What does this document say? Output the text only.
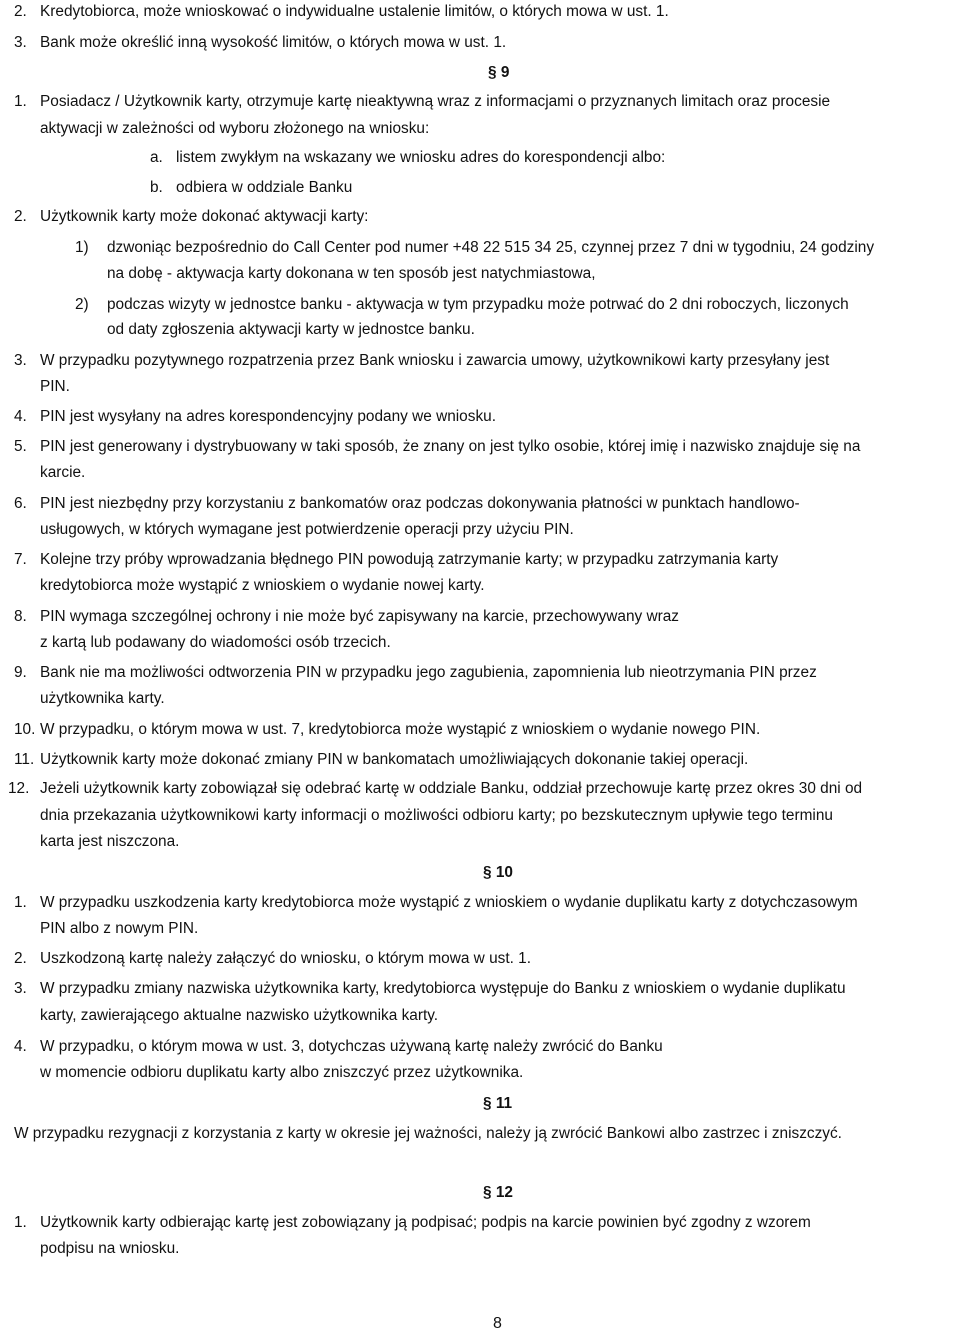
2. Kredytobiorca, może wnioskować o indywidualne ustalenie limitów, o których mowa w ust. 1.
3. Bank może określić inną wysokość limitów, o których mowa w ust. 1.
§ 9
1. Posiadacz / Użytkownik karty, otrzymuje kartę nieaktywną wraz z informacjami o przyznanych limitach oraz procesie
aktywacji w zależności od wyboru złożonego na wniosku:
a. listem zwykłym na wskazany we wniosku adres do korespondencji albo:
b. odbiera w oddziale Banku
2. Użytkownik karty może dokonać aktywacji karty:
1) dzwoniąc bezpośrednio do Call Center pod numer +48 22 515 34 25, czynnej przez 7 dni w tygodniu, 24 godziny
na dobę - aktywacja karty dokonana w ten sposób jest natychmiastowa,
2) podczas wizyty w jednostce banku - aktywacja w tym przypadku może potrwać do 2 dni roboczych, liczonych
od daty zgłoszenia aktywacji karty w jednostce banku.
3. W przypadku pozytywnego rozpatrzenia przez Bank wniosku i zawarcia umowy, użytkownikowi karty przesyłany jest
PIN.
4. PIN jest wysyłany na adres korespondencyjny podany we wniosku.
5. PIN jest generowany i dystrybuowany w taki sposób, że znany on jest tylko osobie, której imię i nazwisko znajduje się na
karcie.
6. PIN jest niezbędny przy korzystaniu z bankomatów oraz podczas dokonywania płatności w punktach handlowo-
usługowych, w których wymagane jest potwierdzenie operacji przy użyciu PIN.
7. Kolejne trzy próby wprowadzania błędnego PIN powodują zatrzymanie karty; w przypadku zatrzymania karty
kredytobiorca może wystąpić z wnioskiem o wydanie nowej karty.
8. PIN wymaga szczególnej ochrony i nie może być zapisywany na karcie, przechowywany wraz
z kartą lub podawany do wiadomości osób trzecich.
9. Bank nie ma możliwości odtworzenia PIN w przypadku jego zagubienia, zapomnienia lub nieotrzymania PIN przez
użytkownika karty.
10. W przypadku, o którym mowa w ust. 7, kredytobiorca może wystąpić z wnioskiem o wydanie nowego PIN.
11. Użytkownik karty może dokonać zmiany PIN w bankomatach umożliwiających dokonanie takiej operacji.
12. Jeżeli użytkownik karty zobowiązał się odebrać kartę w oddziale Banku, oddział przechowuje kartę przez okres 30 dni od
dnia przekazania użytkownikowi karty informacji o możliwości odbioru karty; po bezskutecznym upływie tego terminu
karta jest niszczona.
§ 10
1. W przypadku uszkodzenia karty kredytobiorca może wystąpić z wnioskiem o wydanie duplikatu karty z dotychczasowym
PIN albo z nowym PIN.
2. Uszkodzoną kartę należy załączyć do wniosku, o którym mowa w ust. 1.
3. W przypadku zmiany nazwiska użytkownika karty, kredytobiorca występuje do Banku z wnioskiem o wydanie duplikatu
karty, zawierającego aktualne nazwisko użytkownika karty.
4. W przypadku, o którym mowa w ust. 3, dotychczas używaną kartę należy zwrócić do Banku
w momencie odbioru duplikatu karty albo zniszczyć przez użytkownika.
§ 11
W przypadku rezygnacji z korzystania z karty w okresie jej ważności, należy ją zwrócić Bankowi albo zastrzec i zniszczyć.
§ 12
1. Użytkownik karty odbierając kartę jest zobowiązany ją podpisać; podpis na karcie powinien być zgodny z wzorem
podpisu na wniosku.
8
